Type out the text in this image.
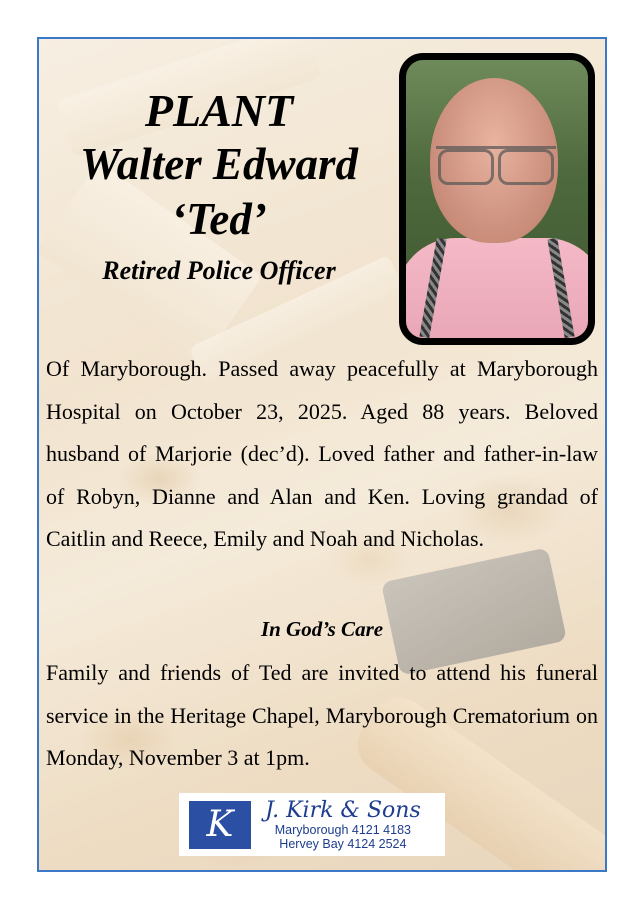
PLANT
Walter Edward
‘Ted’
Retired Police Officer
Of Maryborough. Passed away peacefully at Maryborough Hospital on October 23, 2025. Aged 88 years. Beloved husband of Marjorie (dec’d). Loved father and father-in-law of Robyn, Dianne and Alan and Ken. Loving grandad of Caitlin and Reece, Emily and Noah and Nicholas.
In God’s Care
Family and friends of Ted are invited to attend his funeral service in the Heritage Chapel, Maryborough Crematorium on Monday, November 3 at 1pm.
K	J. Kirk & Sons
Maryborough 4121 4183
Hervey Bay 4124 2524
